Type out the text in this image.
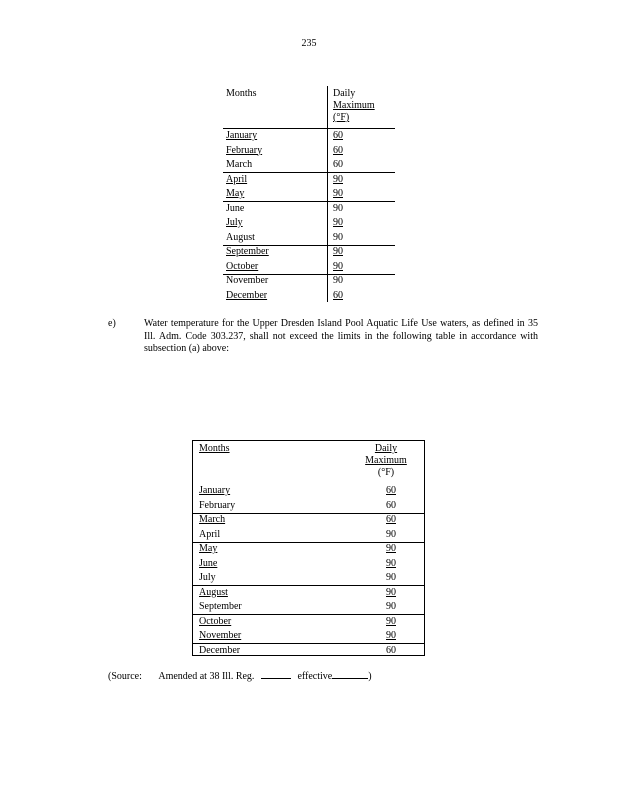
235
Months	Daily
Maximum
(°F)
January	60
February	60
March	60
April	90
May	90
June	90
July	90
August	90
September	90
October	90
November	90
December	60
e)	Water temperature for the Upper Dresden Island Pool Aquatic Life Use waters, as defined in 35 Ill. Adm. Code 303.237, shall not exceed the limits in the following table in accordance with subsection (a) above:
Months	Daily
Maximum
(°F)
January	60
February	60
March	60
April	90
May	90
June	90
July	90
August	90
September	90
October	90
November	90
December	60
(Source: Amended at 38 Ill. Reg.	effective	)
